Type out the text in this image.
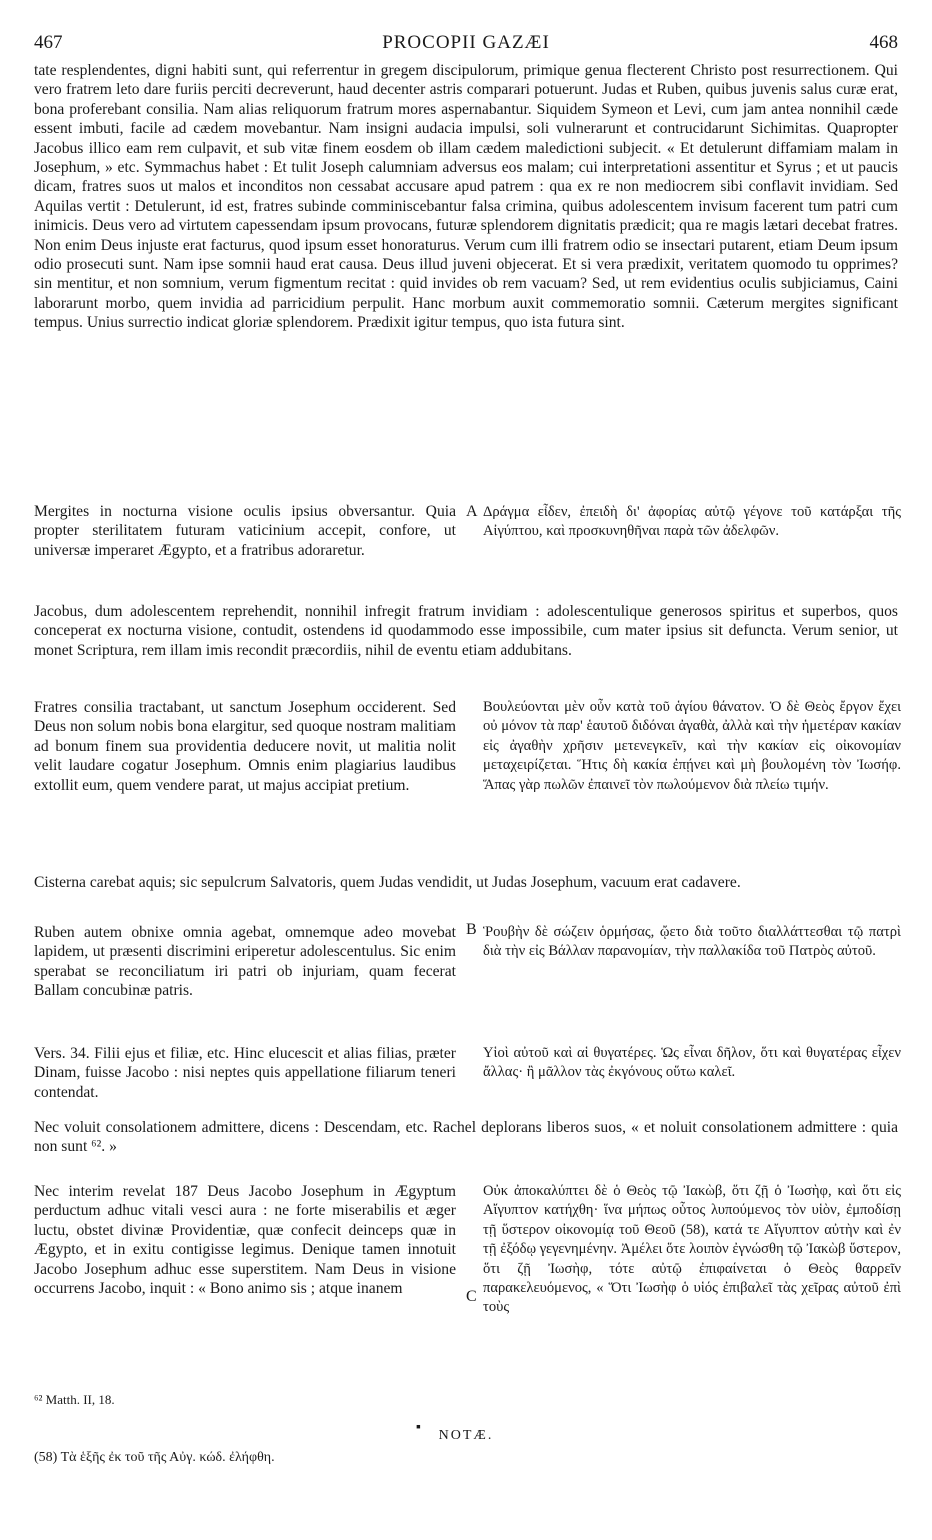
467	PROCOPII GAZÆI	468
tate resplendentes, digni habiti sunt, qui referrentur in gregem discipulorum, primique genua flecterent Christo post resurrectionem. Qui vero fratrem leto dare furiis perciti decreverunt, haud decenter astris comparari potuerunt. Judas et Ruben, quibus juvenis salus curæ erat, bona proferebant consilia. Nam alias reliquorum fratrum mores aspernabantur. Siquidem Symeon et Levi, cum jam antea nonnihil cæde essent imbuti, facile ad cædem movebantur. Nam insigni audacia impulsi, soli vulnerarunt et contrucidarunt Sichimitas. Quapropter Jacobus illico eam rem culpavit, et sub vitæ finem eosdem ob illam cædem maledictioni subjecit. « Et detulerunt diffamiam malam in Josephum, » etc. Symmachus habet : Et tulit Joseph calumniam adversus eos malam; cui interpretationi assentitur et Syrus ; et ut paucis dicam, fratres suos ut malos et inconditos non cessabat accusare apud patrem : qua ex re non mediocrem sibi conflavit invidiam. Sed Aquilas vertit : Detulerunt, id est, fratres subinde comminiscebantur falsa crimina, quibus adolescentem invisum facerent tum patri cum inimicis. Deus vero ad virtutem capessendam ipsum provocans, futuræ splendorem dignitatis prædicit; qua re magis lætari decebat fratres. Non enim Deus injuste erat facturus, quod ipsum esset honoraturus. Verum cum illi fratrem odio se insectari putarent, etiam Deum ipsum odio prosecuti sunt. Nam ipse somnii haud erat causa. Deus illud juveni objecerat. Et si vera prædixit, veritatem quomodo tu opprimes? sin mentitur, et non somnium, verum figmentum recitat : quid invides ob rem vacuam? Sed, ut rem evidentius oculis subjiciamus, Caini laborarunt morbo, quem invidia ad parricidium perpulit. Hanc morbum auxit commemoratio somnii. Cæterum mergites significant tempus. Unius surrectio indicat gloriæ splendorem. Prædixit igitur tempus, quo ista futura sint.
Mergites in nocturna visione oculis ipsius obversantur. Quia propter sterilitatem futuram vaticinium accepit, confore, ut universæ imperaret Ægypto, et a fratribus adoraretur.
A Δράγμα εἶδεν, ἐπειδὴ δι' ἀφορίας αὐτῷ γέγονε τοῦ κατάρξαι τῆς Αἰγύπτου, καὶ προσκυνηθῆναι παρὰ τῶν ἀδελφῶν.
Jacobus, dum adolescentem reprehendit, nonnihil infregit fratrum invidiam : adolescentulique generosos spiritus et superbos, quos conceperat ex nocturna visione, contudit, ostendens id quodammodo esse impossibile, cum mater ipsius sit defuncta. Verum senior, ut monet Scriptura, rem illam imis recondit præcordiis, nihil de eventu etiam addubitans.
Fratres consilia tractabant, ut sanctum Josephum occiderent. Sed Deus non solum nobis bona elargitur, sed quoque nostram malitiam ad bonum finem sua providentia deducere novit, ut malitia nolit velit laudare cogatur Josephum. Omnis enim plagiarius laudibus extollit eum, quem vendere parat, ut majus accipiat pretium.
Βουλεύονται μὲν οὖν κατὰ τοῦ ἁγίου θάνατον. Ὁ δὲ Θεὸς ἔργον ἔχει οὐ μόνον τὰ παρ' ἑαυτοῦ διδόναι ἀγαθὰ, ἀλλὰ καὶ τὴν ἡμετέραν κακίαν εἰς ἀγαθὴν χρῆσιν μετενεγκεῖν, καὶ τὴν κακίαν εἰς οἰκονομίαν μεταχειρίζεται. Ἥτις δὴ κακία ἐπῄνει καὶ μὴ βουλομένη τὸν Ἰωσήφ. Ἅπας γὰρ πωλῶν ἐπαινεῖ τὸν πωλούμενον διὰ πλείω τιμήν.
Cisterna carebat aquis; sic sepulcrum Salvatoris, quem Judas vendidit, ut Judas Josephum, vacuum erat cadavere.
Ruben autem obnixe omnia agebat, omnemque adeo movebat lapidem, ut præsenti discrimini eriperetur adolescentulus. Sic enim sperabat se reconciliatum iri patri ob injuriam, quam fecerat Ballam concubinæ patris.
B Ῥουβὴν δὲ σώζειν ὁρμήσας, ᾤετο διὰ τοῦτο διαλλάττεσθαι τῷ πατρὶ διὰ τὴν εἰς Βάλλαν παρανομίαν, τὴν παλλακίδα τοῦ Πατρὸς αὐτοῦ.
Vers. 34. Filii ejus et filiæ, etc. Hinc elucescit et alias filias, præter Dinam, fuisse Jacobo : nisi neptes quis appellatione filiarum teneri contendat.
Υἱοὶ αὐτοῦ καὶ αἱ θυγατέρες. Ὡς εἶναι δῆλον, ὅτι καὶ θυγατέρας εἶχεν ἄλλας· ἢ μᾶλλον τὰς ἐκγόνους οὕτω καλεῖ.
Nec voluit consolationem admittere, dicens : Descendam, etc. Rachel deplorans liberos suos, « et noluit consolationem admittere : quia non sunt ⁶². »
Nec interim revelat 187 Deus Jacobo Josephum in Ægyptum perductum adhuc vitali vesci aura : ne forte miserabilis et æger luctu, obstet divinæ Providentiæ, quæ confecit deinceps quæ in Ægypto, et in exitu contigisse legimus. Denique tamen innotuit Jacobo Josephum adhuc esse superstitem. Nam Deus in visione occurrens Jacobo, inquit : « Bono animo sis ; atque inanem	C
Οὐκ ἀποκαλύπτει δὲ ὁ Θεὸς τῷ Ἰακὼβ, ὅτι ζῇ ὁ Ἰωσὴφ, καὶ ὅτι εἰς Αἴγυπτον κατήχθη· ἵνα μήπως οὗτος λυπούμενος τὸν υἱὸν, ἐμποδίσῃ τῇ ὕστερον οἰκονομίᾳ τοῦ Θεοῦ (58), κατά τε Αἴγυπτον αὐτὴν καὶ ἐν τῇ ἐξόδῳ γεγενημένην. Ἀμέλει ὅτε λοιπὸν ἐγνώσθη τῷ Ἰακὼβ ὕστερον, ὅτι ζῇ Ἰωσὴφ, τότε αὐτῷ ἐπιφαίνεται ὁ Θεὸς θαρρεῖν παρακελευόμενος, « Ὅτι Ἰωσὴφ ὁ υἱός ἐπιβαλεῖ τὰς χεῖρας αὐτοῦ ἐπὶ τοὺς
⁶² Matth. II, 18.
▪
NOTÆ.
(58) Τὰ ἑξῆς ἐκ τοῦ τῆς Αὐγ. κώδ. ἐλήφθη.
